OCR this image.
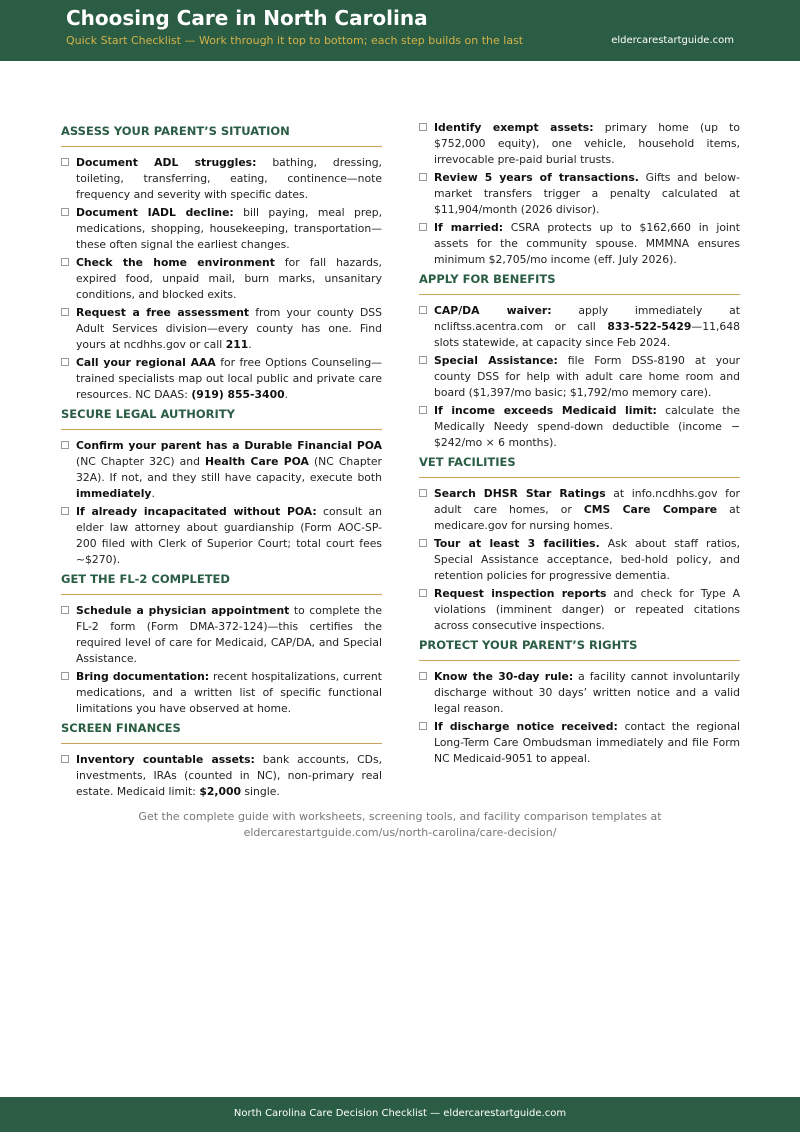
Choosing Care in North Carolina
Quick Start Checklist — Work through it top to bottom; each step builds on the last	eldercarestartguide.com
ASSESS YOUR PARENT’S SITUATION
Document ADL struggles: bathing, dressing, toileting, transferring, eating, continence—note frequency and severity with specific dates.
Document IADL decline: bill paying, meal prep, medications, shopping, housekeeping, transportation—these often signal the earliest changes.
Check the home environment for fall hazards, expired food, unpaid mail, burn marks, unsanitary conditions, and blocked exits.
Request a free assessment from your county DSS Adult Services division—every county has one. Find yours at ncdhhs.gov or call 211.
Call your regional AAA for free Options Counseling—trained specialists map out local public and private care resources. NC DAAS: (919) 855-3400.
SECURE LEGAL AUTHORITY
Confirm your parent has a Durable Financial POA (NC Chapter 32C) and Health Care POA (NC Chapter 32A). If not, and they still have capacity, execute both immediately.
If already incapacitated without POA: consult an elder law attorney about guardianship (Form AOC-SP-200 filed with Clerk of Superior Court; total court fees ~$270).
GET THE FL-2 COMPLETED
Schedule a physician appointment to complete the FL-2 form (Form DMA-372-124)—this certifies the required level of care for Medicaid, CAP/DA, and Special Assistance.
Bring documentation: recent hospitalizations, current medications, and a written list of specific functional limitations you have observed at home.
SCREEN FINANCES
Inventory countable assets: bank accounts, CDs, investments, IRAs (counted in NC), non-primary real estate. Medicaid limit: $2,000 single.
Identify exempt assets: primary home (up to $752,000 equity), one vehicle, household items, irrevocable pre-paid burial trusts.
Review 5 years of transactions. Gifts and below-market transfers trigger a penalty calculated at $11,904/month (2026 divisor).
If married: CSRA protects up to $162,660 in joint assets for the community spouse. MMMNA ensures minimum $2,705/mo income (eff. July 2026).
APPLY FOR BENEFITS
CAP/DA waiver: apply immediately at ncliftss.acentra.com or call 833-522-5429—11,648 slots statewide, at capacity since Feb 2024.
Special Assistance: file Form DSS-8190 at your county DSS for help with adult care home room and board ($1,397/mo basic; $1,792/mo memory care).
If income exceeds Medicaid limit: calculate the Medically Needy spend-down deductible (income − $242/mo × 6 months).
VET FACILITIES
Search DHSR Star Ratings at info.ncdhhs.gov for adult care homes, or CMS Care Compare at medicare.gov for nursing homes.
Tour at least 3 facilities. Ask about staff ratios, Special Assistance acceptance, bed-hold policy, and retention policies for progressive dementia.
Request inspection reports and check for Type A violations (imminent danger) or repeated citations across consecutive inspections.
PROTECT YOUR PARENT’S RIGHTS
Know the 30-day rule: a facility cannot involuntarily discharge without 30 days’ written notice and a valid legal reason.
If discharge notice received: contact the regional Long-Term Care Ombudsman immediately and file Form NC Medicaid-9051 to appeal.
Get the complete guide with worksheets, screening tools, and facility comparison templates at
eldercarestartguide.com/us/north-carolina/care-decision/
North Carolina Care Decision Checklist — eldercarestartguide.com
